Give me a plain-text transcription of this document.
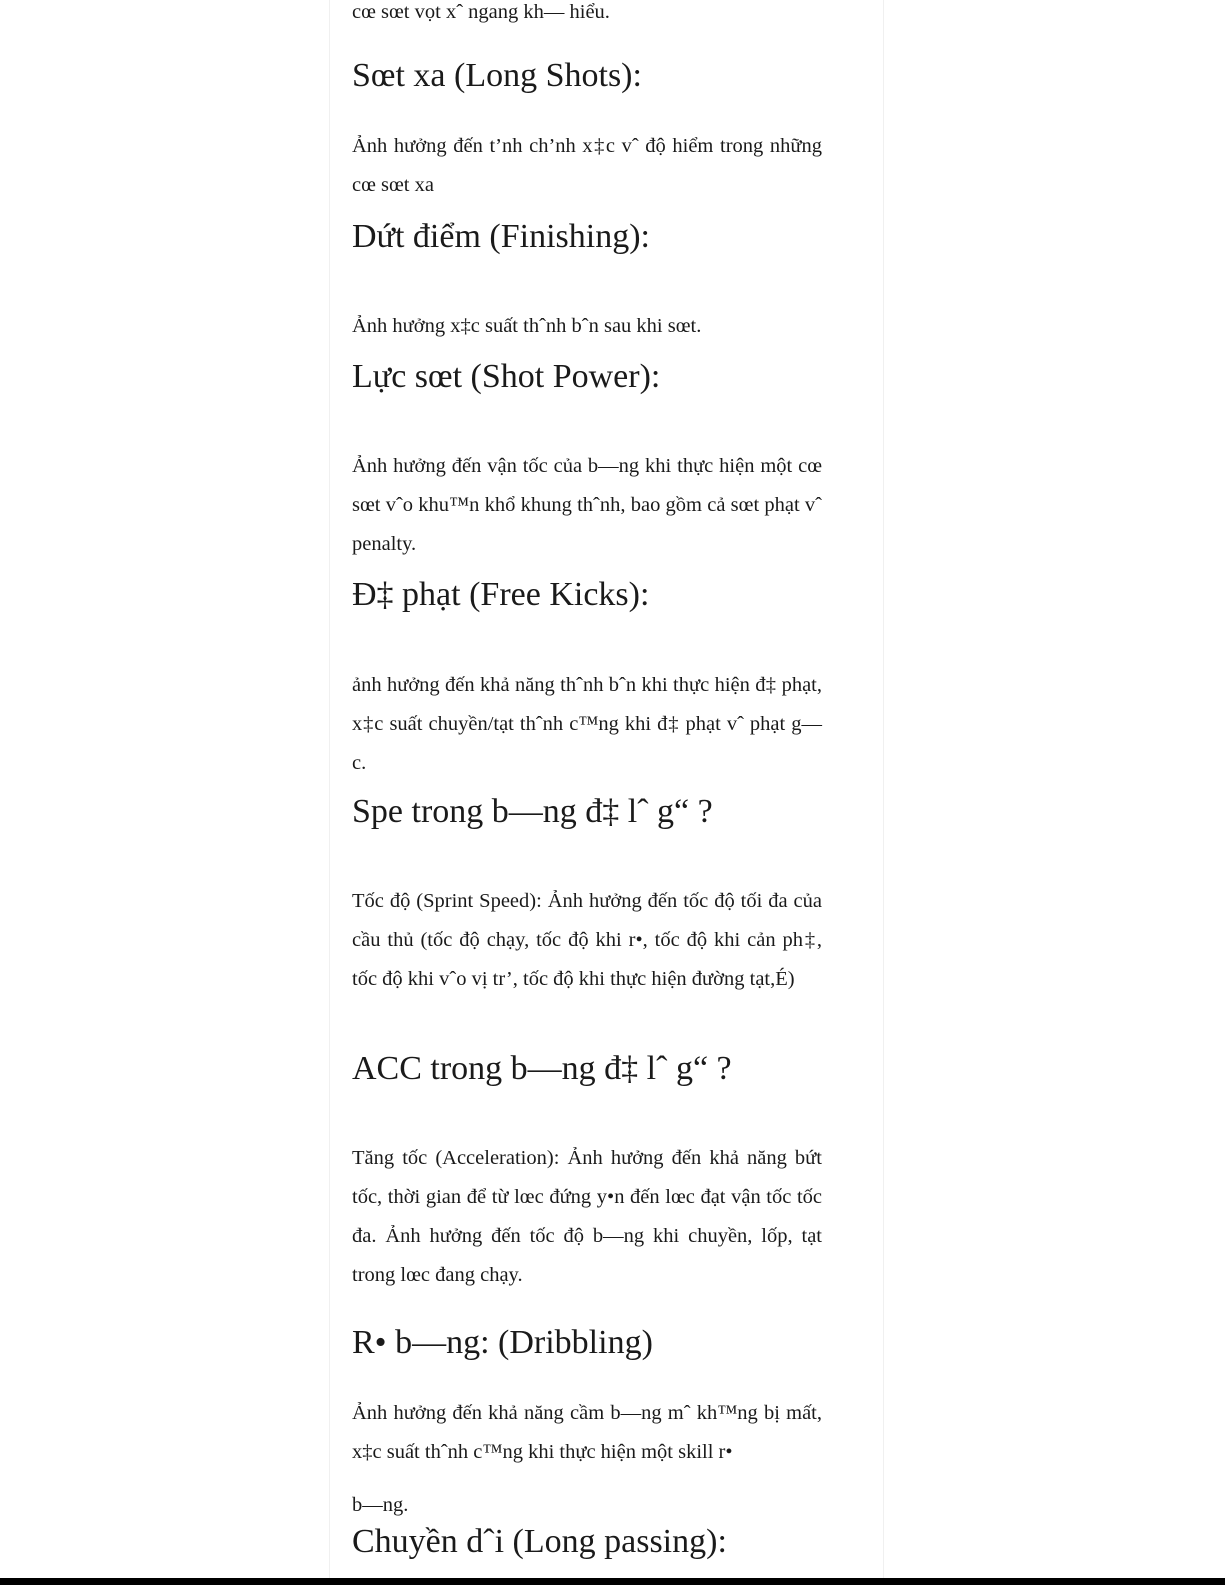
cœ sœt vọt xˆ ngang kh— hiểu.

Sœt xa (Long Shots):

Ảnh hưởng đến t’nh ch’nh x‡c vˆ độ hiểm trong những cœ sœt xa

Dứt điểm (Finishing):

Ảnh hưởng x‡c suất thˆnh bˆn sau khi sœt.

Lực sœt (Shot Power):

Ảnh hưởng đến vận tốc của b—ng khi thực hiện một cœ sœt vˆo khu™n khổ khung thˆnh, bao gồm cả sœt phạt vˆ penalty.

Đ‡ phạt (Free Kicks):

ảnh hưởng đến khả năng thˆnh bˆn khi thực hiện đ‡ phạt, x‡c suất chuyền/tạt thˆnh c™ng khi đ‡ phạt vˆ phạt g—c.

Spe trong b—ng đ‡ lˆ g“ ?

Tốc độ (Sprint Speed): Ảnh hưởng đến tốc độ tối đa của cầu thủ (tốc độ chạy, tốc độ khi r•, tốc độ khi cản ph‡, tốc độ khi vˆo vị tr’, tốc độ khi thực hiện đường tạt,É)

ACC trong b—ng đ‡ lˆ g“ ?

Tăng tốc (Acceleration): Ảnh hưởng đến khả năng bứt tốc, thời gian để từ lœc đứng y•n đến lœc đạt vận tốc tốc đa. Ảnh hưởng đến tốc độ b—ng khi chuyền, lốp, tạt trong lœc đang chạy.

R• b—ng: (Dribbling)

Ảnh hưởng đến khả năng cầm b—ng mˆ kh™ng bị mất, x‡c suất thˆnh c™ng khi thực hiện một skill r•

b—ng.

Chuyền dˆi (Long passing):
